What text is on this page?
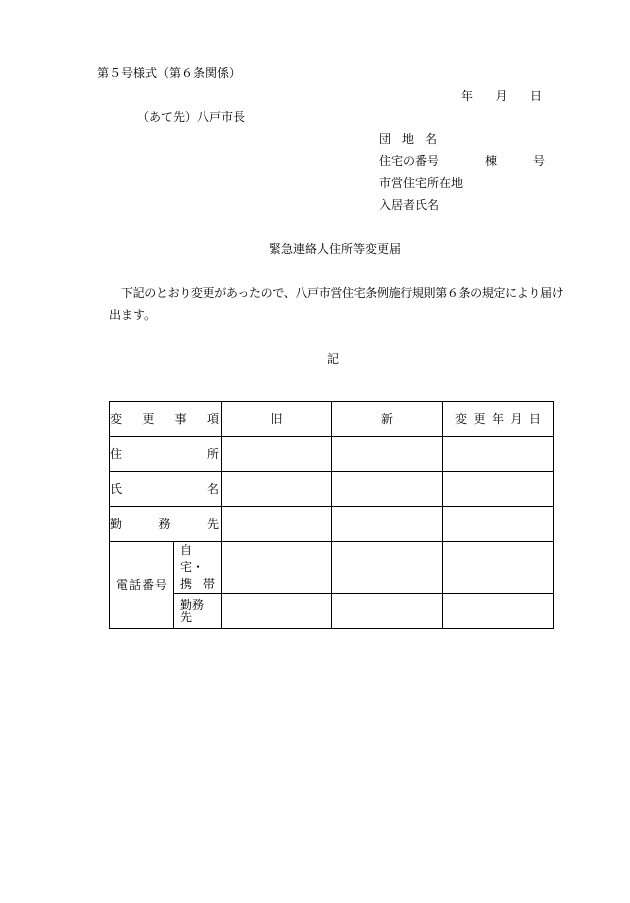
第５号様式（第６条関係）
年 月 日
（あて先）八戸市長
団 地 名
住宅の番号	棟	号
市営住宅所在地
入居者氏名
緊急連絡人住所等変更届
下記のとおり変更があったので、八戸市営住宅条例施行規則第６条の規定により届け
出ます。
記
変 更 事 項		旧	新	変 更 年 月 日

住 所				

氏 名				

勤 務 先				

電 話 番 号	自宅・
携 帯			

	勤務先			
